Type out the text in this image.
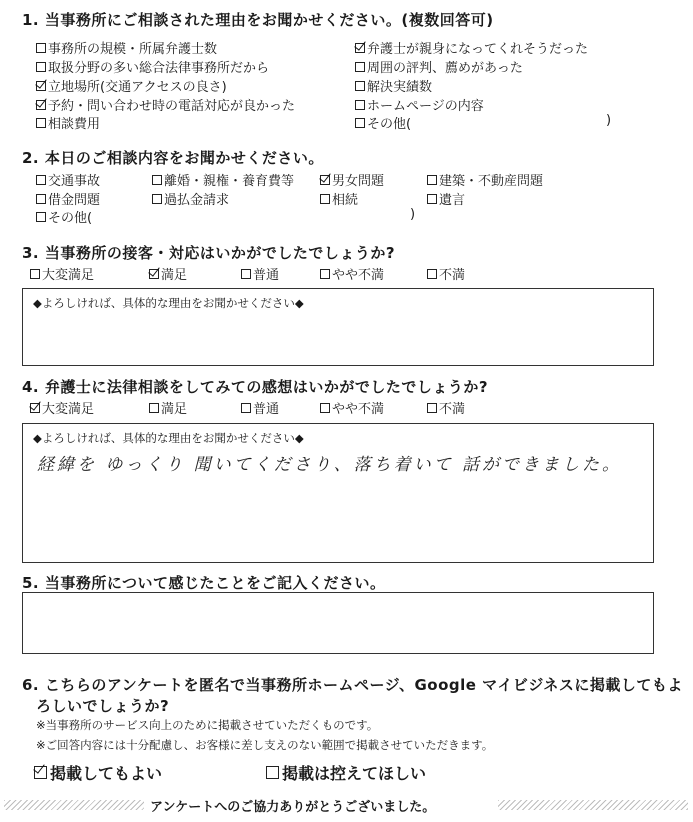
1. 当事務所にご相談された理由をお聞かせください。(複数回答可)
事務所の規模・所属弁護士数	弁護士が親身になってくれそうだった
取扱分野の多い総合法律事務所だから	周囲の評判、薦めがあった
立地場所(交通アクセスの良さ)	解決実績数
予約・問い合わせ時の電話対応が良かった	ホームページの内容
相談費用	その他(	)
2. 本日のご相談内容をお聞かせください。
交通事故	離婚・親権・養育費等	男女問題	建築・不動産問題
借金問題	過払金請求	相続	遺言
その他(	)
3. 当事務所の接客・対応はいかがでしたでしょうか?
大変満足	満足	普通	やや不満	不満
◆よろしければ、具体的な理由をお聞かせください◆
4. 弁護士に法律相談をしてみての感想はいかがでしたでしょうか?
大変満足	満足	普通	やや不満	不満
◆よろしければ、具体的な理由をお聞かせください◆
経緯を ゆっくり 聞いてくださり、落ち着いて 話ができました。
5. 当事務所について感じたことをご記入ください。
6. こちらのアンケートを匿名で当事務所ホームページ、Google マイビジネスに掲載してもよ
ろしいでしょうか?
※当事務所のサービス向上のために掲載させていただくものです。
※ご回答内容には十分配慮し、お客様に差し支えのない範囲で掲載させていただきます。
掲載してもよい	掲載は控えてほしい
アンケートへのご協力ありがとうございました。
